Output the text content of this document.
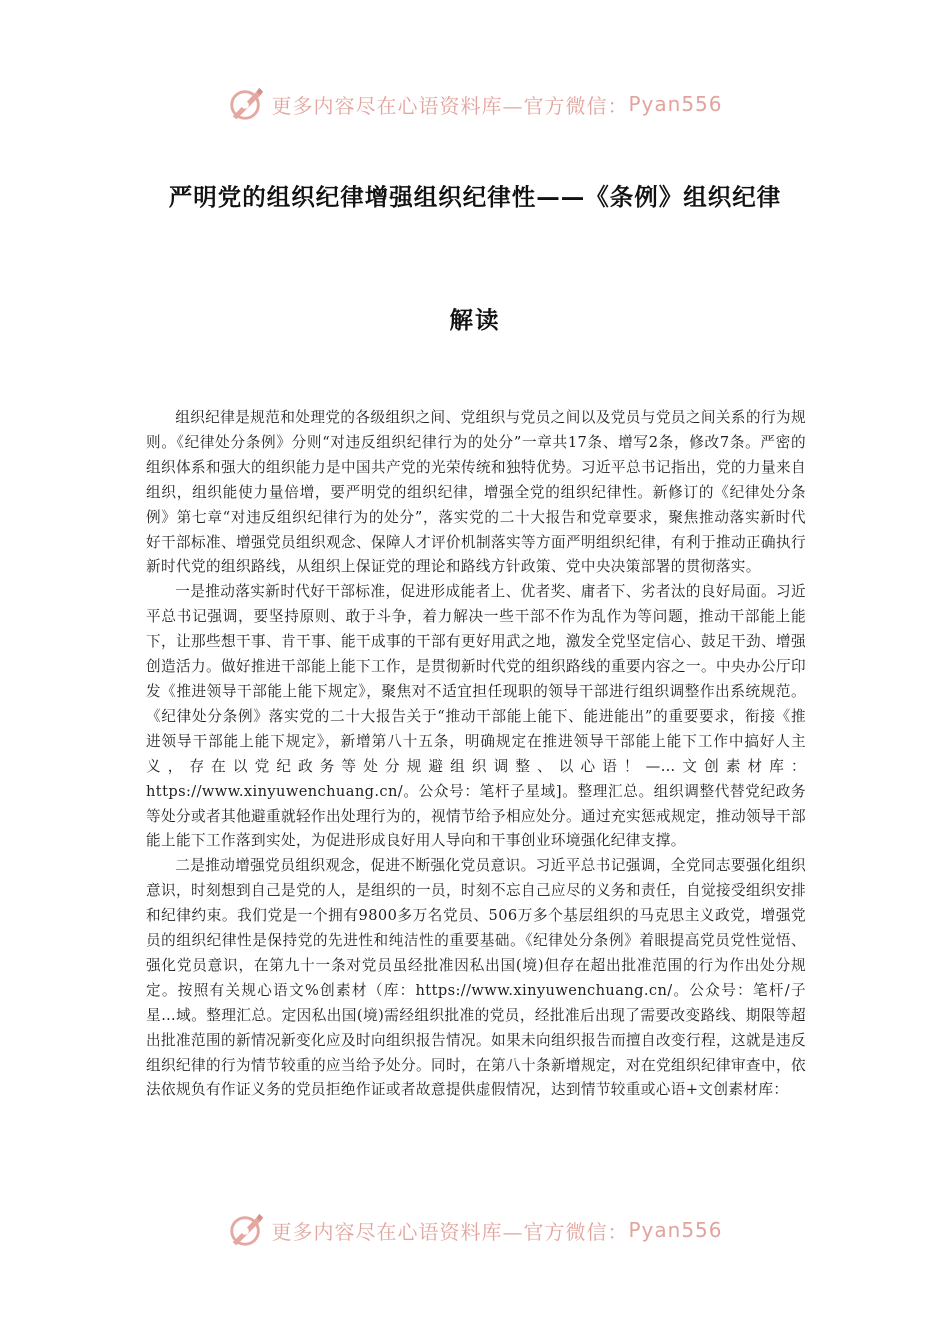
更多内容尽在心语资料库—官方微信： Pyan556
严明党的组织纪律增强组织纪律性——《条例》组织纪律
解读

组织纪律是规范和处理党的各级组织之间、党组织与党员之间以及党员与党员之间关系的行为规则。《纪律处分条例》分则“对违反组织纪律行为的处分”一章共17条、增写2条，修改7条。严密的组织体系和强大的组织能力是中国共产党的光荣传统和独特优势。习近平总书记指出，党的力量来自组织，组织能使力量倍增，要严明党的组织纪律，增强全党的组织纪律性。新修订的《纪律处分条例》第七章“对违反组织纪律行为的处分”，落实党的二十大报告和党章要求，聚焦推动落实新时代好干部标准、增强党员组织观念、保障人才评价机制落实等方面严明组织纪律，有利于推动正确执行新时代党的组织路线，从组织上保证党的理论和路线方针政策、党中央决策部署的贯彻落实。

一是推动落实新时代好干部标准，促进形成能者上、优者奖、庸者下、劣者汰的良好局面。习近平总书记强调，要坚持原则、敢于斗争，着力解决一些干部不作为乱作为等问题，推动干部能上能下，让那些想干事、肯干事、能干成事的干部有更好用武之地，激发全党坚定信心、鼓足干劲、增强创造活力。做好推进干部能上能下工作，是贯彻新时代党的组织路线的重要内容之一。中央办公厅印发《推进领导干部能上能下规定》，聚焦对不适宜担任现职的领导干部进行组织调整作出系统规范。《纪律处分条例》落实党的二十大报告关于“推动干部能上能下、能进能出”的重要要求，衔接《推进领导干部能上能下规定》，新增第八十五条，明确规定在推进领导干部能上能下工作中搞好人主义，存在以党纪政务等处分规避组织调整、以心语！—…文创素材库：https://www.xinyuwenchuang.cn/。公众号：笔杆子星域]。整理汇总。组织调整代替党纪政务等处分或者其他避重就轻作出处理行为的，视情节给予相应处分。通过充实惩戒规定，推动领导干部能上能下工作落到实处，为促进形成良好用人导向和干事创业环境强化纪律支撑。

二是推动增强党员组织观念，促进不断强化党员意识。习近平总书记强调，全党同志要强化组织意识，时刻想到自己是党的人，是组织的一员，时刻不忘自己应尽的义务和责任，自觉接受组织安排和纪律约束。我们党是一个拥有9800多万名党员、506万多个基层组织的马克思主义政党，增强党员的组织纪律性是保持党的先进性和纯洁性的重要基础。《纪律处分条例》着眼提高党员党性觉悟、强化党员意识，在第九十一条对党员虽经批准因私出国(境)但存在超出批准范围的行为作出处分规定。按照有关规心语文%创素材（库：https://www.xinyuwenchuang.cn/。公众号：笔杆/子星…域。整理汇总。定因私出国(境)需经组织批准的党员，经批准后出现了需要改变路线、期限等超出批准范围的新情况新变化应及时向组织报告情况。如果未向组织报告而擅自改变行程，这就是违反组织纪律的行为情节较重的应当给予处分。同时，在第八十条新增规定，对在党组织纪律审查中，依法依规负有作证义务的党员拒绝作证或者故意提供虚假情况，达到情节较重或心语+文创素材库：

更多内容尽在心语资料库—官方微信： Pyan556
